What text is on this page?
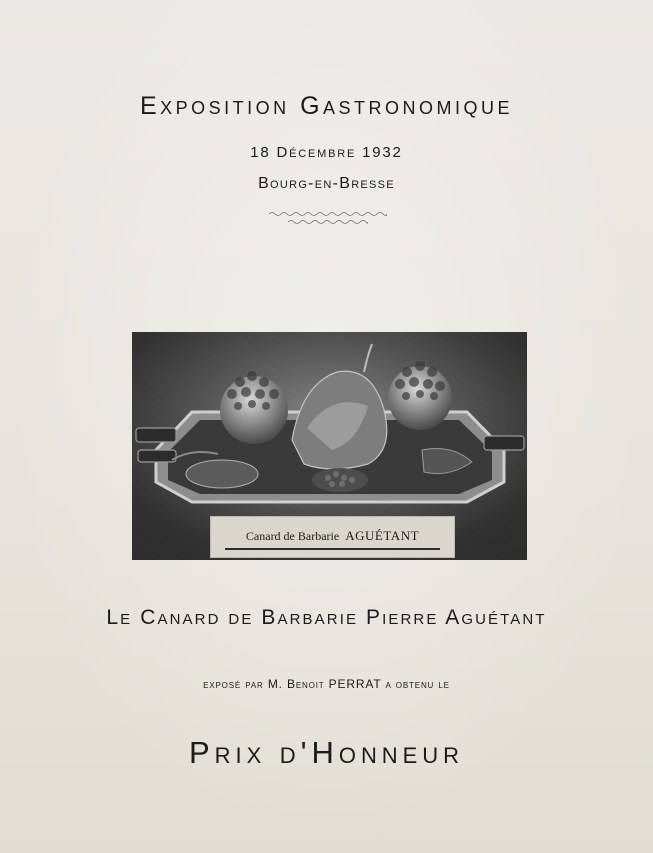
Exposition Gastronomique
18 Décembre 1932
Bourg-en-Bresse
Canard de Barbarie AGUÉTANT
Le Canard de Barbarie Pierre Aguétant
exposé par M. Benoit PERRAT a obtenu le
Prix d'Honneur
